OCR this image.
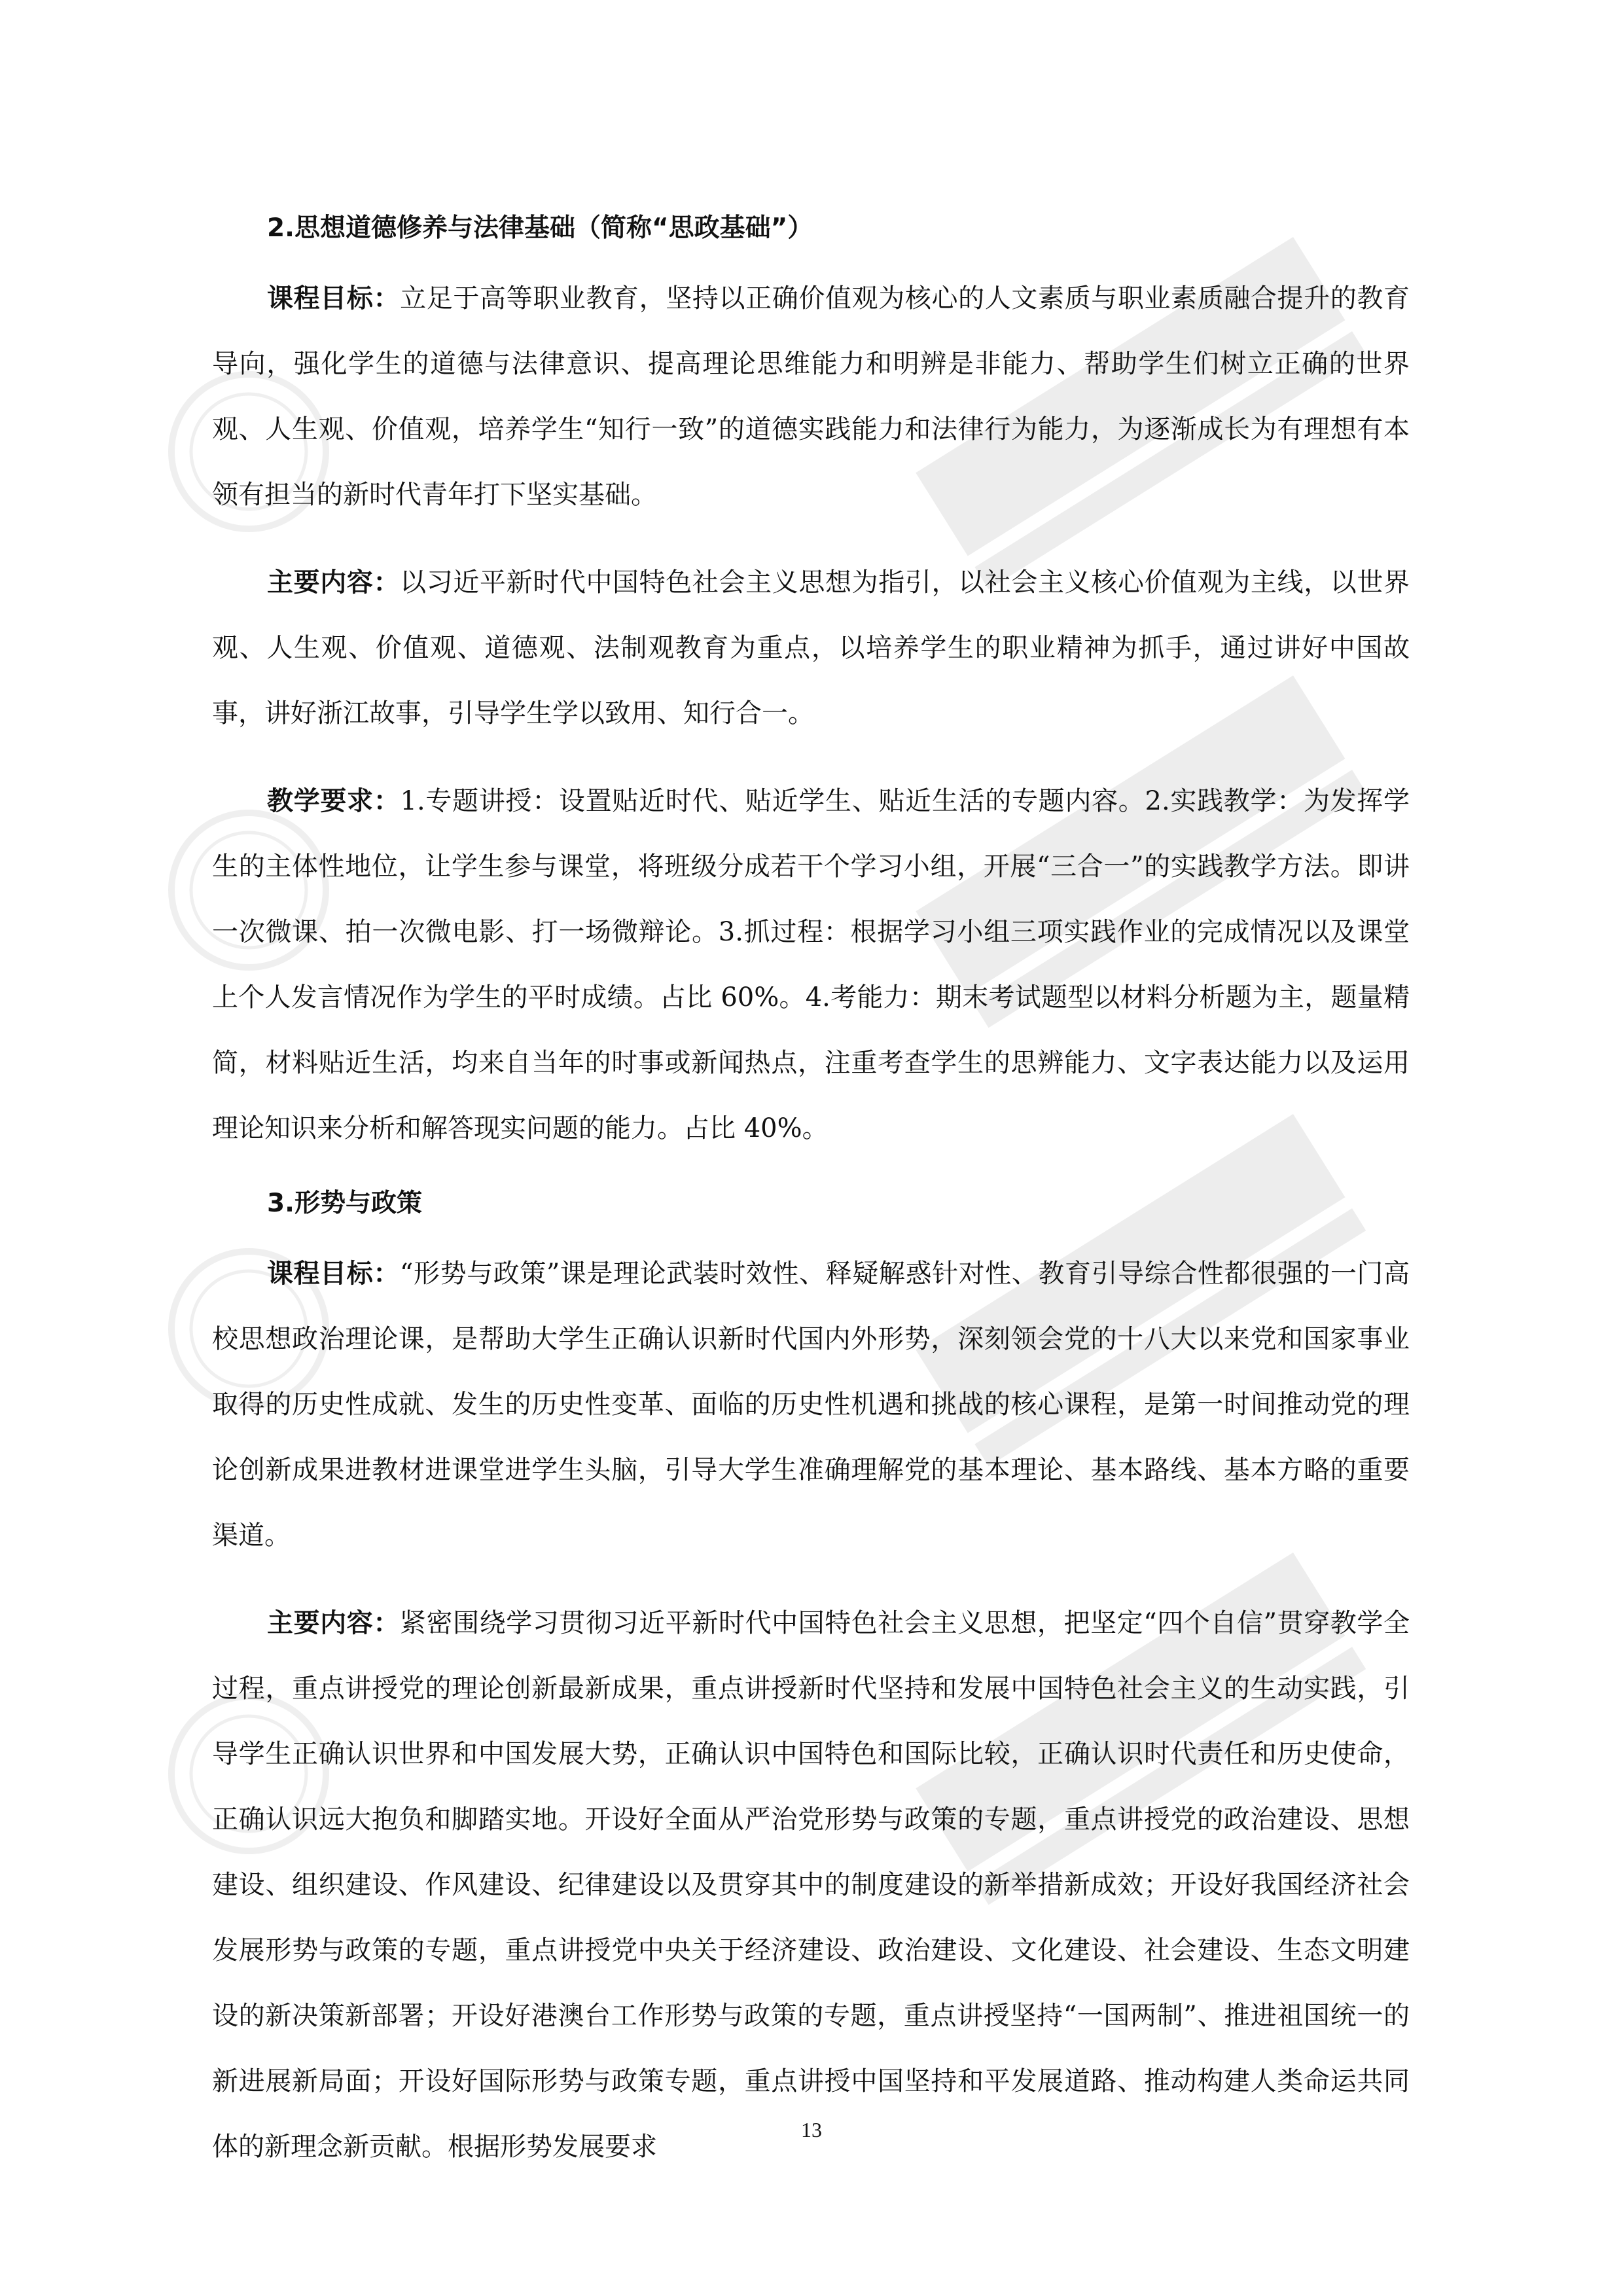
2.思想道德修养与法律基础（简称“思政基础”）

课程目标：立足于高等职业教育，坚持以正确价值观为核心的人文素质与职业素质融合提升的教育导向，强化学生的道德与法律意识、提高理论思维能力和明辨是非能力、帮助学生们树立正确的世界观、人生观、价值观，培养学生“知行一致”的道德实践能力和法律行为能力，为逐渐成长为有理想有本领有担当的新时代青年打下坚实基础。

主要内容：以习近平新时代中国特色社会主义思想为指引，以社会主义核心价值观为主线，以世界观、人生观、价值观、道德观、法制观教育为重点，以培养学生的职业精神为抓手，通过讲好中国故事，讲好浙江故事，引导学生学以致用、知行合一。

教学要求：1.专题讲授：设置贴近时代、贴近学生、贴近生活的专题内容。2.实践教学：为发挥学生的主体性地位，让学生参与课堂，将班级分成若干个学习小组，开展“三合一”的实践教学方法。即讲一次微课、拍一次微电影、打一场微辩论。3.抓过程：根据学习小组三项实践作业的完成情况以及课堂上个人发言情况作为学生的平时成绩。占比 60%。4.考能力：期末考试题型以材料分析题为主，题量精简，材料贴近生活，均来自当年的时事或新闻热点，注重考查学生的思辨能力、文字表达能力以及运用理论知识来分析和解答现实问题的能力。占比 40%。

3.形势与政策

课程目标：“形势与政策”课是理论武装时效性、释疑解惑针对性、教育引导综合性都很强的一门高校思想政治理论课，是帮助大学生正确认识新时代国内外形势，深刻领会党的十八大以来党和国家事业取得的历史性成就、发生的历史性变革、面临的历史性机遇和挑战的核心课程，是第一时间推动党的理论创新成果进教材进课堂进学生头脑，引导大学生准确理解党的基本理论、基本路线、基本方略的重要渠道。

主要内容：紧密围绕学习贯彻习近平新时代中国特色社会主义思想，把坚定“四个自信”贯穿教学全过程，重点讲授党的理论创新最新成果，重点讲授新时代坚持和发展中国特色社会主义的生动实践，引导学生正确认识世界和中国发展大势，正确认识中国特色和国际比较，正确认识时代责任和历史使命，正确认识远大抱负和脚踏实地。开设好全面从严治党形势与政策的专题，重点讲授党的政治建设、思想建设、组织建设、作风建设、纪律建设以及贯穿其中的制度建设的新举措新成效；开设好我国经济社会发展形势与政策的专题，重点讲授党中央关于经济建设、政治建设、文化建设、社会建设、生态文明建设的新决策新部署；开设好港澳台工作形势与政策的专题，重点讲授坚持“一国两制”、推进祖国统一的新进展新局面；开设好国际形势与政策专题，重点讲授中国坚持和平发展道路、推动构建人类命运共同体的新理念新贡献。根据形势发展要求

13
